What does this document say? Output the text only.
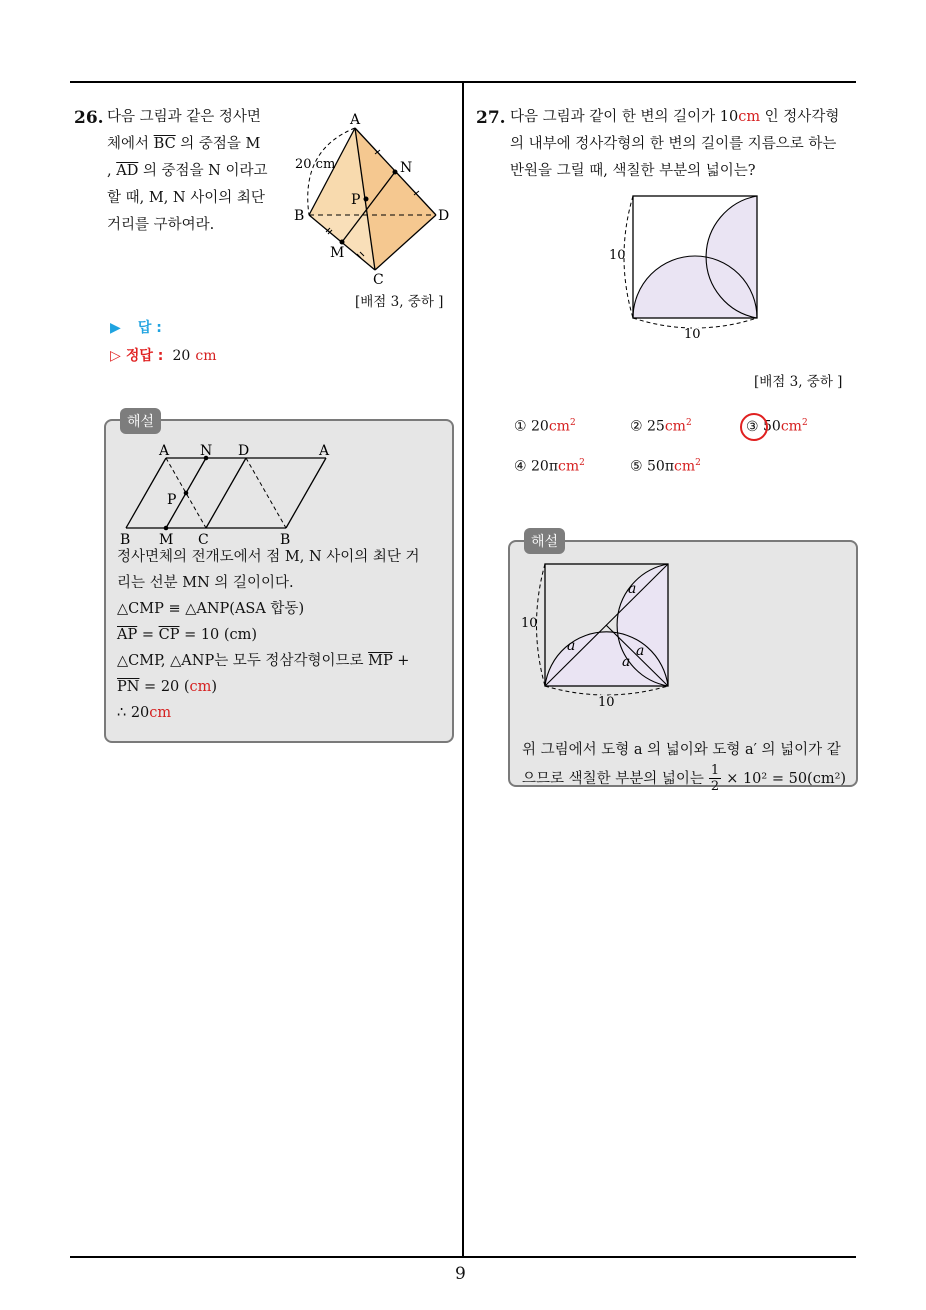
9
26. 다음 그림과 같은 정사면
체에서 $\overline{BC}$ 의 중점을 M
, $\overline{AD}$ 의 중점을 N 이라고
할 때, M, N 사이의 최단
거리를 구하여라.
A
B
C
D
M
N
P
20 cm
[배점 3, 중하 ]
▶ 답 :
▷ 정답 : 20 cm
해설
A N D	A
P
B M C	B
정사면체의 전개도에서 점 M, N 사이의 최단 거
리는 선분 MN 의 길이이다.
△CMP ≡ △ANP(ASA 합동)
$\overline{AP} = \overline{CP} = 10$ (cm)
△CMP, △ANP는 모두 정삼각형이므로 $\overline{MP}$ +
$\overline{PN} = 20$ (cm)
∴ 20cm
27. 다음 그림과 같이 한 변의 길이가 10cm 인 정사각형
의 내부에 정사각형의 한 변의 길이를 지름으로 하는
반원을 그릴 때, 색칠한 부분의 넓이는?
10
10
[배점 3, 중하 ]
① $20cm^2$	② $25cm^2$	③ $50cm^2$
④ 20πcm$^2$	⑤ 50πcm$^2$
해설
10
10
a
a	a
a
위 그림에서 도형 a 의 넓이와 도형 a′ 의 넓이가 같
으므로 색칠한 부분의 넓이는 $\frac{1}{2} \times 10^2 = 50(cm^2)$
